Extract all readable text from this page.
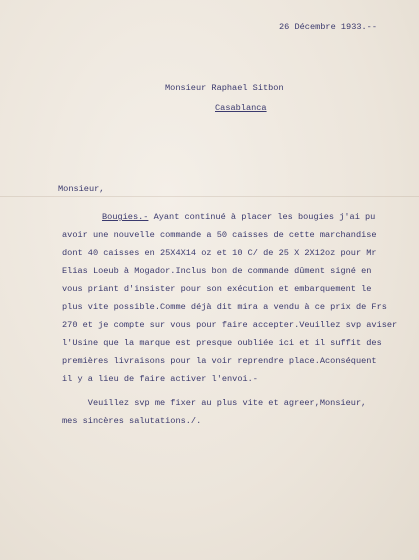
26 Décembre 1933.--
Monsieur Raphael Sitbon
Casablanca
Monsieur,
Bougies.- Ayant continué à placer les bougies j'ai pu
avoir une nouvelle commande a 50 caisses de cette marchandise
dont 40 caisses en 25X4X14 oz et 10 C/ de 25 X 2X12oz pour Mr
Elias Loeub à Mogador.Inclus bon de commande dûment signé en
vous priant d'insister pour son exécution et embarquement le
plus vite possible.Comme déjà dit mira a vendu à ce prix de Frs
270 et je compte sur vous pour faire accepter.Veuillez svp aviser
l'Usine que la marque est presque oubliée ici et il suffit des
premières livraisons pour la voir reprendre place.Aconséquent
il y a lieu de faire activer l'envoi.-
Veuillez svp me fixer au plus vite et agreer,Monsieur,
mes sincères salutations./.
